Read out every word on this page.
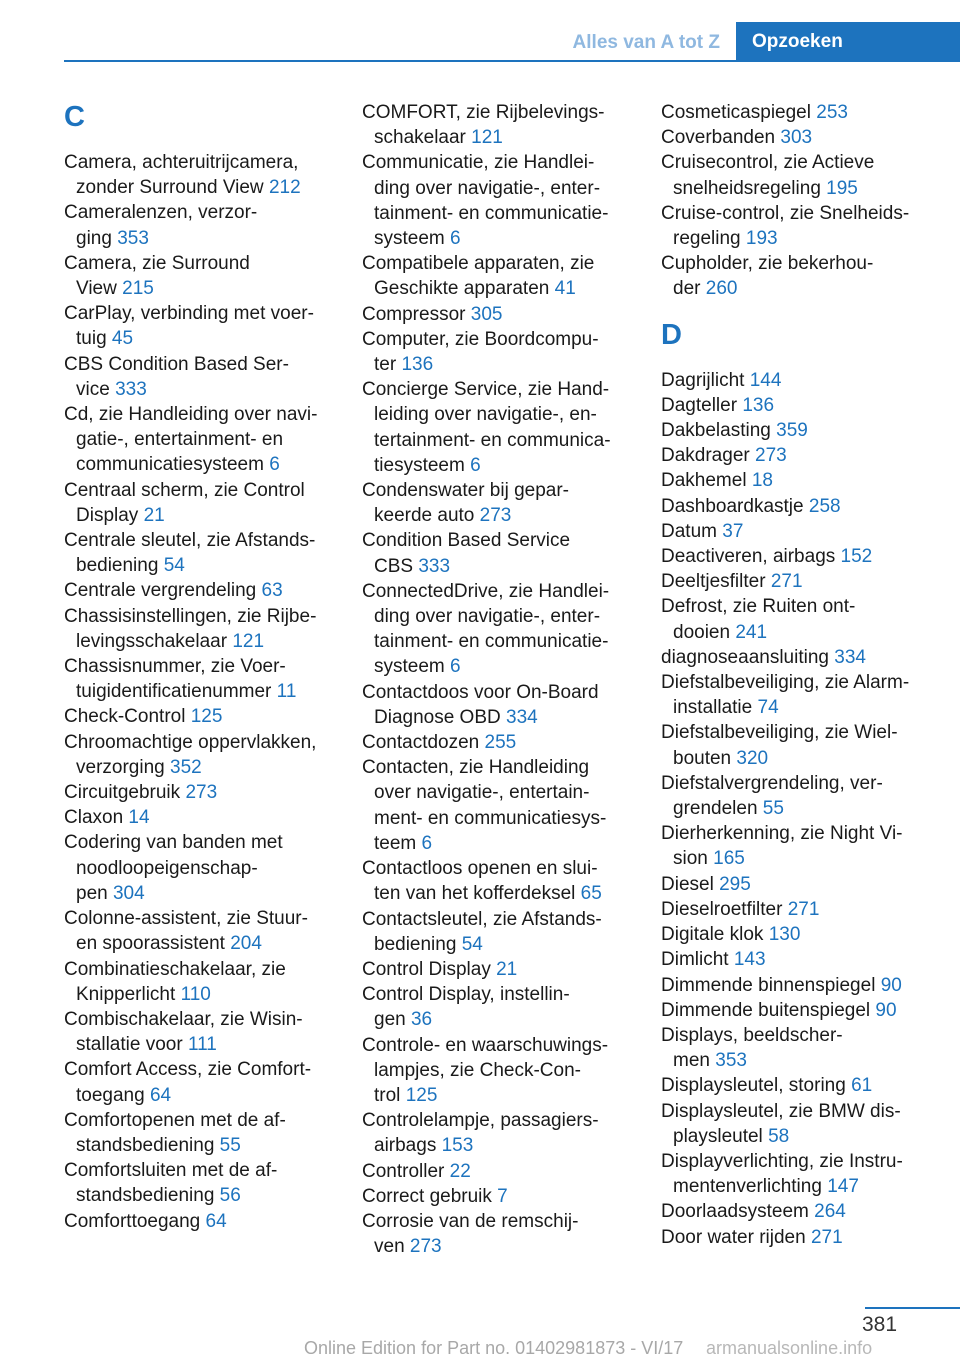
Alles van A tot Z	Opzoeken
C
Camera, achteruitrijcamera,
zonder Surround View 212
Cameralenzen, verzor‐
ging 353
Camera, zie Surround
View 215
CarPlay, verbinding met voer‐
tuig 45
CBS Condition Based Ser‐
vice 333
Cd, zie Handleiding over navi‐
gatie-, entertainment- en
communicatiesysteem 6
Centraal scherm, zie Control
Display 21
Centrale sleutel, zie Afstands‐
bediening 54
Centrale vergrendeling 63
Chassisinstellingen, zie Rijbe‐
levingsschakelaar 121
Chassisnummer, zie Voer‐
tuigidentificatienummer 11
Check-Control 125
Chroomachtige oppervlakken,
verzorging 352
Circuitgebruik 273
Claxon 14
Codering van banden met
noodloopeigenschap‐
pen 304
Colonne-assistent, zie Stuur-
en spoorassistent 204
Combinatieschakelaar, zie
Knipperlicht 110
Combischakelaar, zie Wisin‐
stallatie voor 111
Comfort Access, zie Comfort‐
toegang 64
Comfortopenen met de af‐
standsbediening 55
Comfortsluiten met de af‐
standsbediening 56
Comforttoegang 64
COMFORT, zie Rijbelevings‐
schakelaar 121
Communicatie, zie Handlei‐
ding over navigatie-, enter‐
tainment- en communicatie‐
systeem 6
Compatibele apparaten, zie
Geschikte apparaten 41
Compressor 305
Computer, zie Boordcompu‐
ter 136
Concierge Service, zie Hand‐
leiding over navigatie-, en‐
tertainment- en communica‐
tiesysteem 6
Condenswater bij gepar‐
keerde auto 273
Condition Based Service
CBS 333
ConnectedDrive, zie Handlei‐
ding over navigatie-, enter‐
tainment- en communicatie‐
systeem 6
Contactdoos voor On-Board
Diagnose OBD 334
Contactdozen 255
Contacten, zie Handleiding
over navigatie-, entertain‐
ment- en communicatiesys‐
teem 6
Contactloos openen en slui‐
ten van het kofferdeksel 65
Contactsleutel, zie Afstands‐
bediening 54
Control Display 21
Control Display, instellin‐
gen 36
Controle- en waarschuwings‐
lampjes, zie Check-Con‐
trol 125
Controlelampje, passagiers‐
airbags 153
Controller 22
Correct gebruik 7
Corrosie van de remschij‐
ven 273
Cosmeticaspiegel 253
Coverbanden 303
Cruisecontrol, zie Actieve
snelheidsregeling 195
Cruise-control, zie Snelheids‐
regeling 193
Cupholder, zie bekerhou‐
der 260
D
Dagrijlicht 144
Dagteller 136
Dakbelasting 359
Dakdrager 273
Dakhemel 18
Dashboardkastje 258
Datum 37
Deactiveren, airbags 152
Deeltjesfilter 271
Defrost, zie Ruiten ont‐
dooien 241
diagnoseaansluiting 334
Diefstalbeveiliging, zie Alarm‐
installatie 74
Diefstalbeveiliging, zie Wiel‐
bouten 320
Diefstalvergrendeling, ver‐
grendelen 55
Dierherkenning, zie Night Vi‐
sion 165
Diesel 295
Dieselroetfilter 271
Digitale klok 130
Dimlicht 143
Dimmende binnenspiegel 90
Dimmende buitenspiegel 90
Displays, beeldscher‐
men 353
Displaysleutel, storing 61
Displaysleutel, zie BMW dis‐
playsleutel 58
Displayverlichting, zie Instru‐
mentenverlichting 147
Doorlaadsysteem 264
Door water rijden 271
381
Online Edition for Part no. 01402981873 - VI/17 armanualsonline.info
